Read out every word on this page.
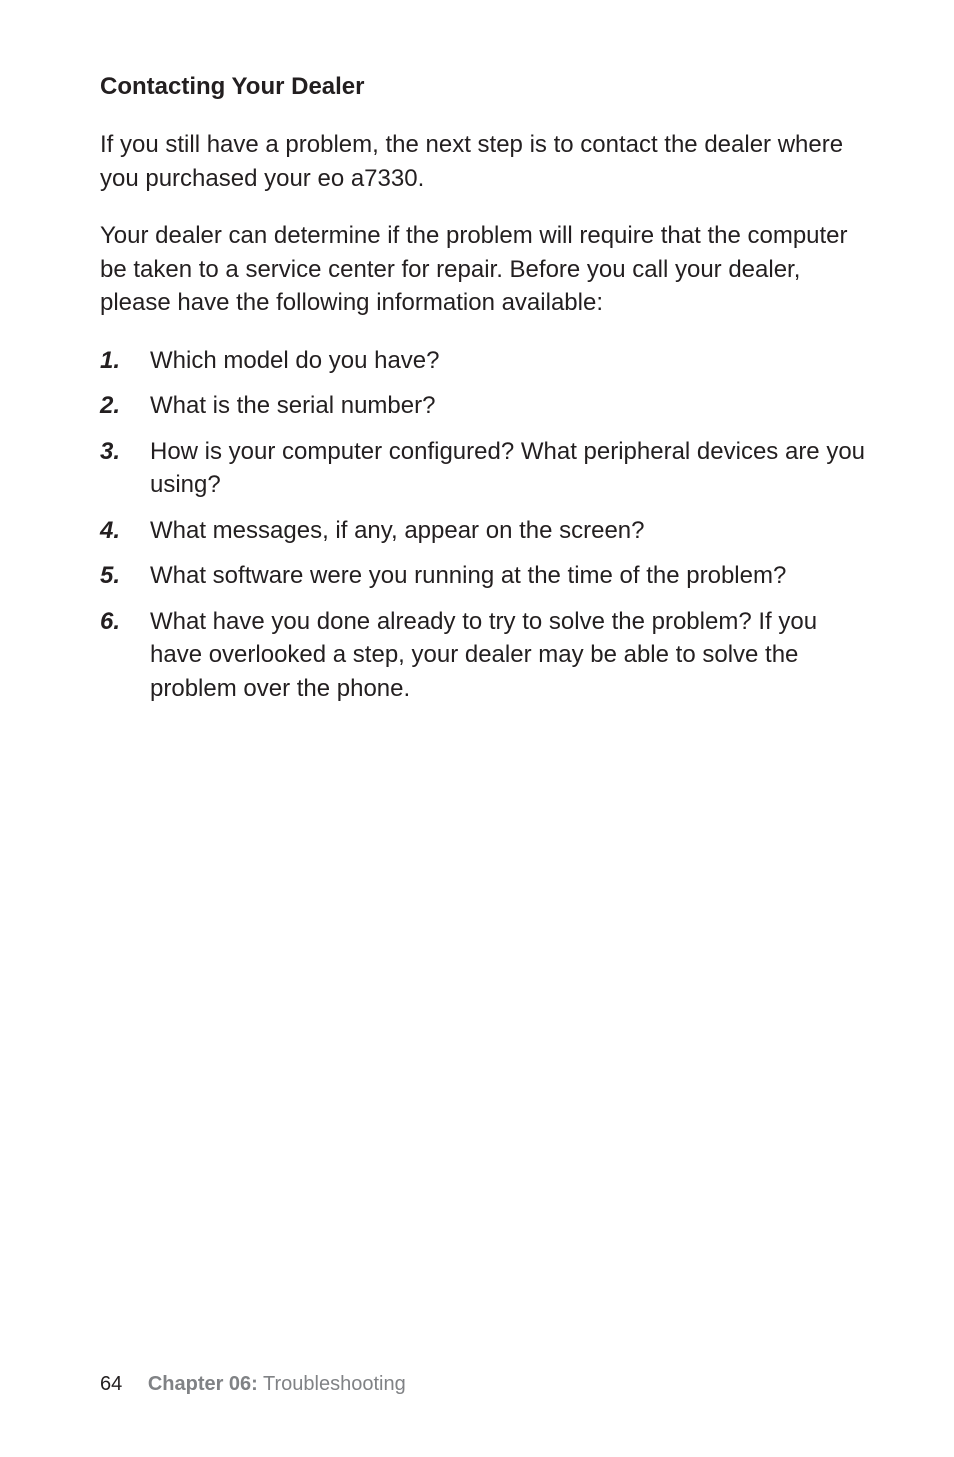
Contacting Your Dealer

If you still have a problem, the next step is to contact the dealer where you purchased your eo a7330.

Your dealer can determine if the problem will require that the computer be taken to a service center for repair. Before you call your dealer, please have the following information available:

1.	Which model do you have?
2.	What is the serial number?
3.	How is your computer configured? What peripheral devices are you using?
4.	What messages, if any, appear on the screen?
5.	What software were you running at the time of the problem?
6.	What have you done already to try to solve the problem? If you have overlooked a step, your dealer may be able to solve the problem over the phone.
64 Chapter 06: Troubleshooting
